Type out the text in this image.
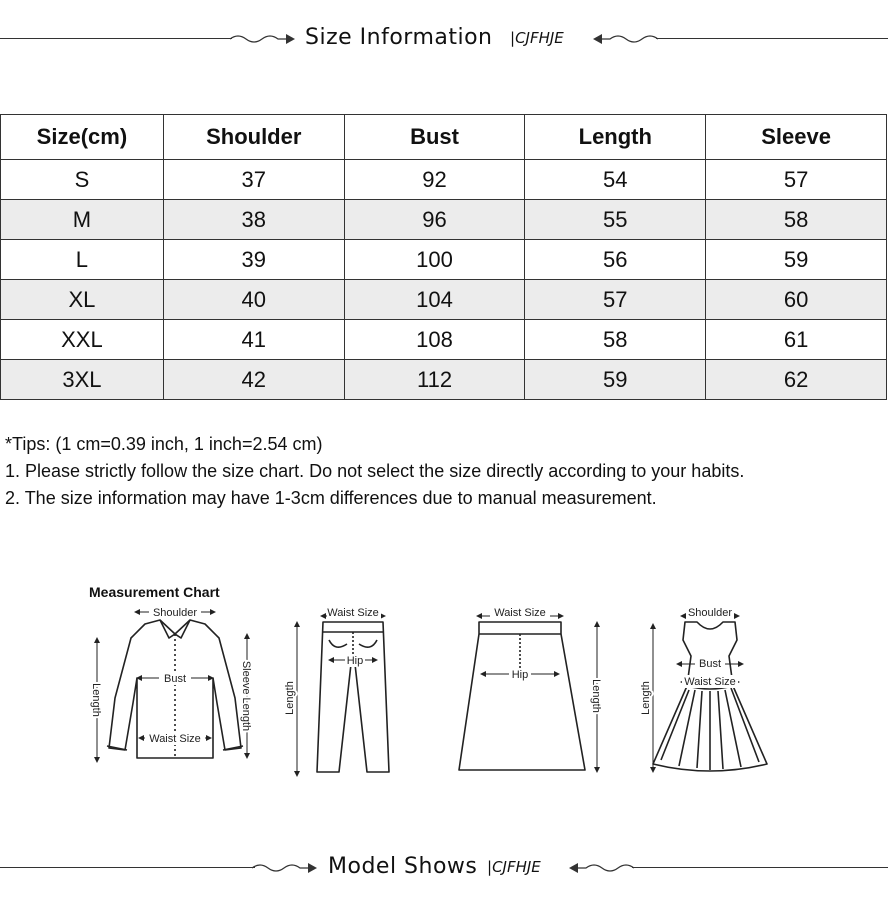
Size Information |CJFHJE
Size(cm)	Shoulder	Bust	Length	Sleeve
S	37	92	54	57
M	38	96	55	58
L	39	100	56	59
XL	40	104	57	60
XXL	41	108	58	61
3XL	42	112	59	62
*Tips: (1 cm=0.39 inch, 1 inch=2.54 cm)
1. Please strictly follow the size chart. Do not select the size directly according to your habits.
2. The size information may have 1-3cm differences due to manual measurement.
Measurement Chart
Shoulder
Bust
Waist Size
Length	Sleeve Length
Waist Size
Hip
Length
Waist Size
Hip
Length
Shoulder
Bust
Waist Size
Length
Model Shows |CJFHJE
